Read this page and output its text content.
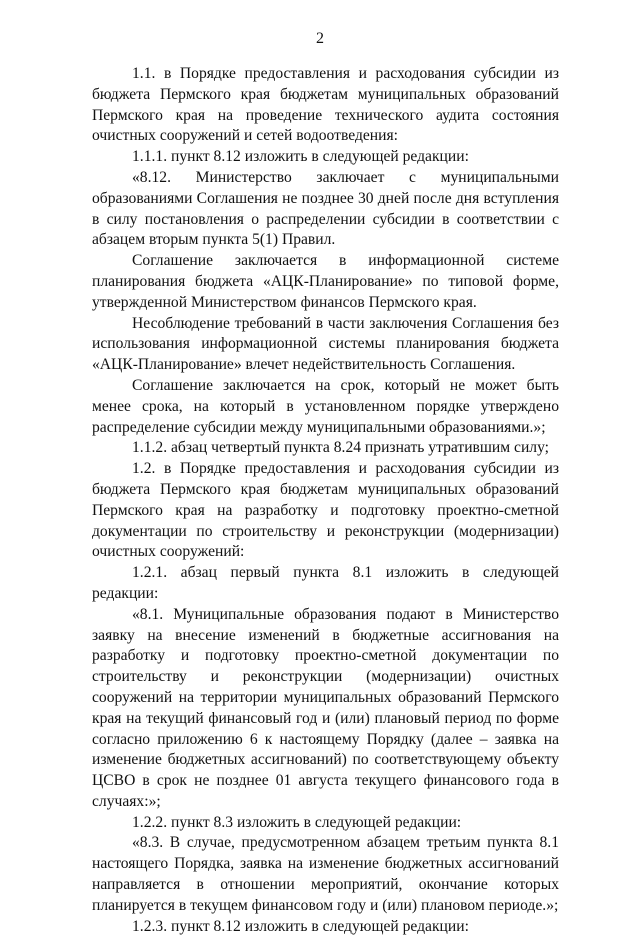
2

1.1. в Порядке предоставления и расходования субсидии из бюджета Пермского края бюджетам муниципальных образований Пермского края на проведение технического аудита состояния очистных сооружений и сетей водоотведения:

1.1.1. пункт 8.12 изложить в следующей редакции:

«8.12. Министерство заключает с муниципальными образованиями Соглашения не позднее 30 дней после дня вступления в силу постановления о распределении субсидии в соответствии с абзацем вторым пункта 5(1) Правил.

Соглашение заключается в информационной системе планирования бюджета «АЦК-Планирование» по типовой форме, утвержденной Министерством финансов Пермского края.

Несоблюдение требований в части заключения Соглашения без использования информационной системы планирования бюджета «АЦК-Планирование» влечет недействительность Соглашения.

Соглашение заключается на срок, который не может быть менее срока, на который в установленном порядке утверждено распределение субсидии между муниципальными образованиями.»;

1.1.2. абзац четвертый пункта 8.24 признать утратившим силу;

1.2. в Порядке предоставления и расходования субсидии из бюджета Пермского края бюджетам муниципальных образований Пермского края на разработку и подготовку проектно-сметной документации по строительству и реконструкции (модернизации) очистных сооружений:

1.2.1. абзац первый пункта 8.1 изложить в следующей редакции:

«8.1. Муниципальные образования подают в Министерство заявку на внесение изменений в бюджетные ассигнования на разработку и подготовку проектно-сметной документации по строительству и реконструкции (модернизации) очистных сооружений на территории муниципальных образований Пермского края на текущий финансовый год и (или) плановый период по форме согласно приложению 6 к настоящему Порядку (далее – заявка на изменение бюджетных ассигнований) по соответствующему объекту ЦСВО в срок не позднее 01 августа текущего финансового года в случаях:»;

1.2.2. пункт 8.3 изложить в следующей редакции:

«8.3. В случае, предусмотренном абзацем третьим пункта 8.1 настоящего Порядка, заявка на изменение бюджетных ассигнований направляется в отношении мероприятий, окончание которых планируется в текущем финансовом году и (или) плановом периоде.»;

1.2.3. пункт 8.12 изложить в следующей редакции:
